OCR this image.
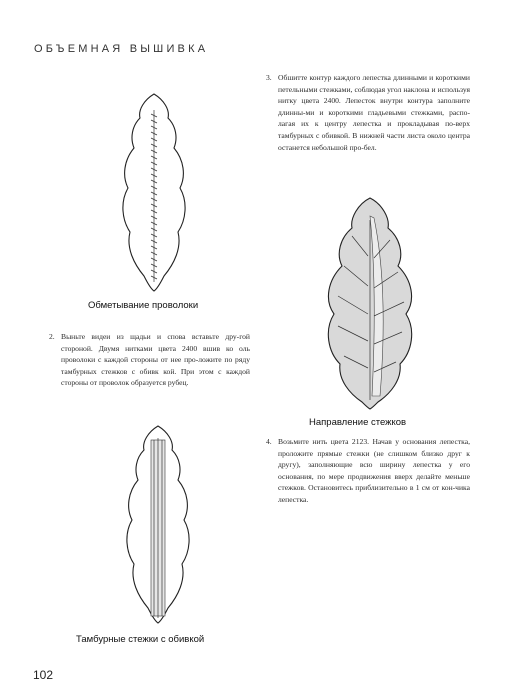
ОБЪЕМНАЯ ВЫШИВКА
Обметывание проволоки
Направление стежков
Тамбурные стежки с обивкой
3. Обшитте контур каждого лепестка длинными и короткими петельными стежками, соблюдая угол наклона и используя нитку цвета 2400. Лепесток внутри контура заполните длинны-ми и короткими гладьевыми стежками, распо-лагая их к центру лепестка и прокладывая по-верх тамбурных с обивкой. В нижней части листа около центра останется небольшой про-бел.
2. Выньте видеи из щадьи и спова вставьте дру-гой стороной. Двумя нитками цвета 2400 вшив ко оль проволоки с каждой стороны от нее про-ложите по ряду тамбурных стежков с обивк кой. При этом с каждой стороны от проволок образуется рубец.
4. Возьмите нить цвета 2123. Начав у основания лепестка, проложите прямые стежки (не слишком близко друг к другу), заполняющие всю ширину лепестка у его основания, по мере продвижения вверх делайте меньше стежков. Остановитесь приблизительно в 1 см от кон-чика лепестка.
102
